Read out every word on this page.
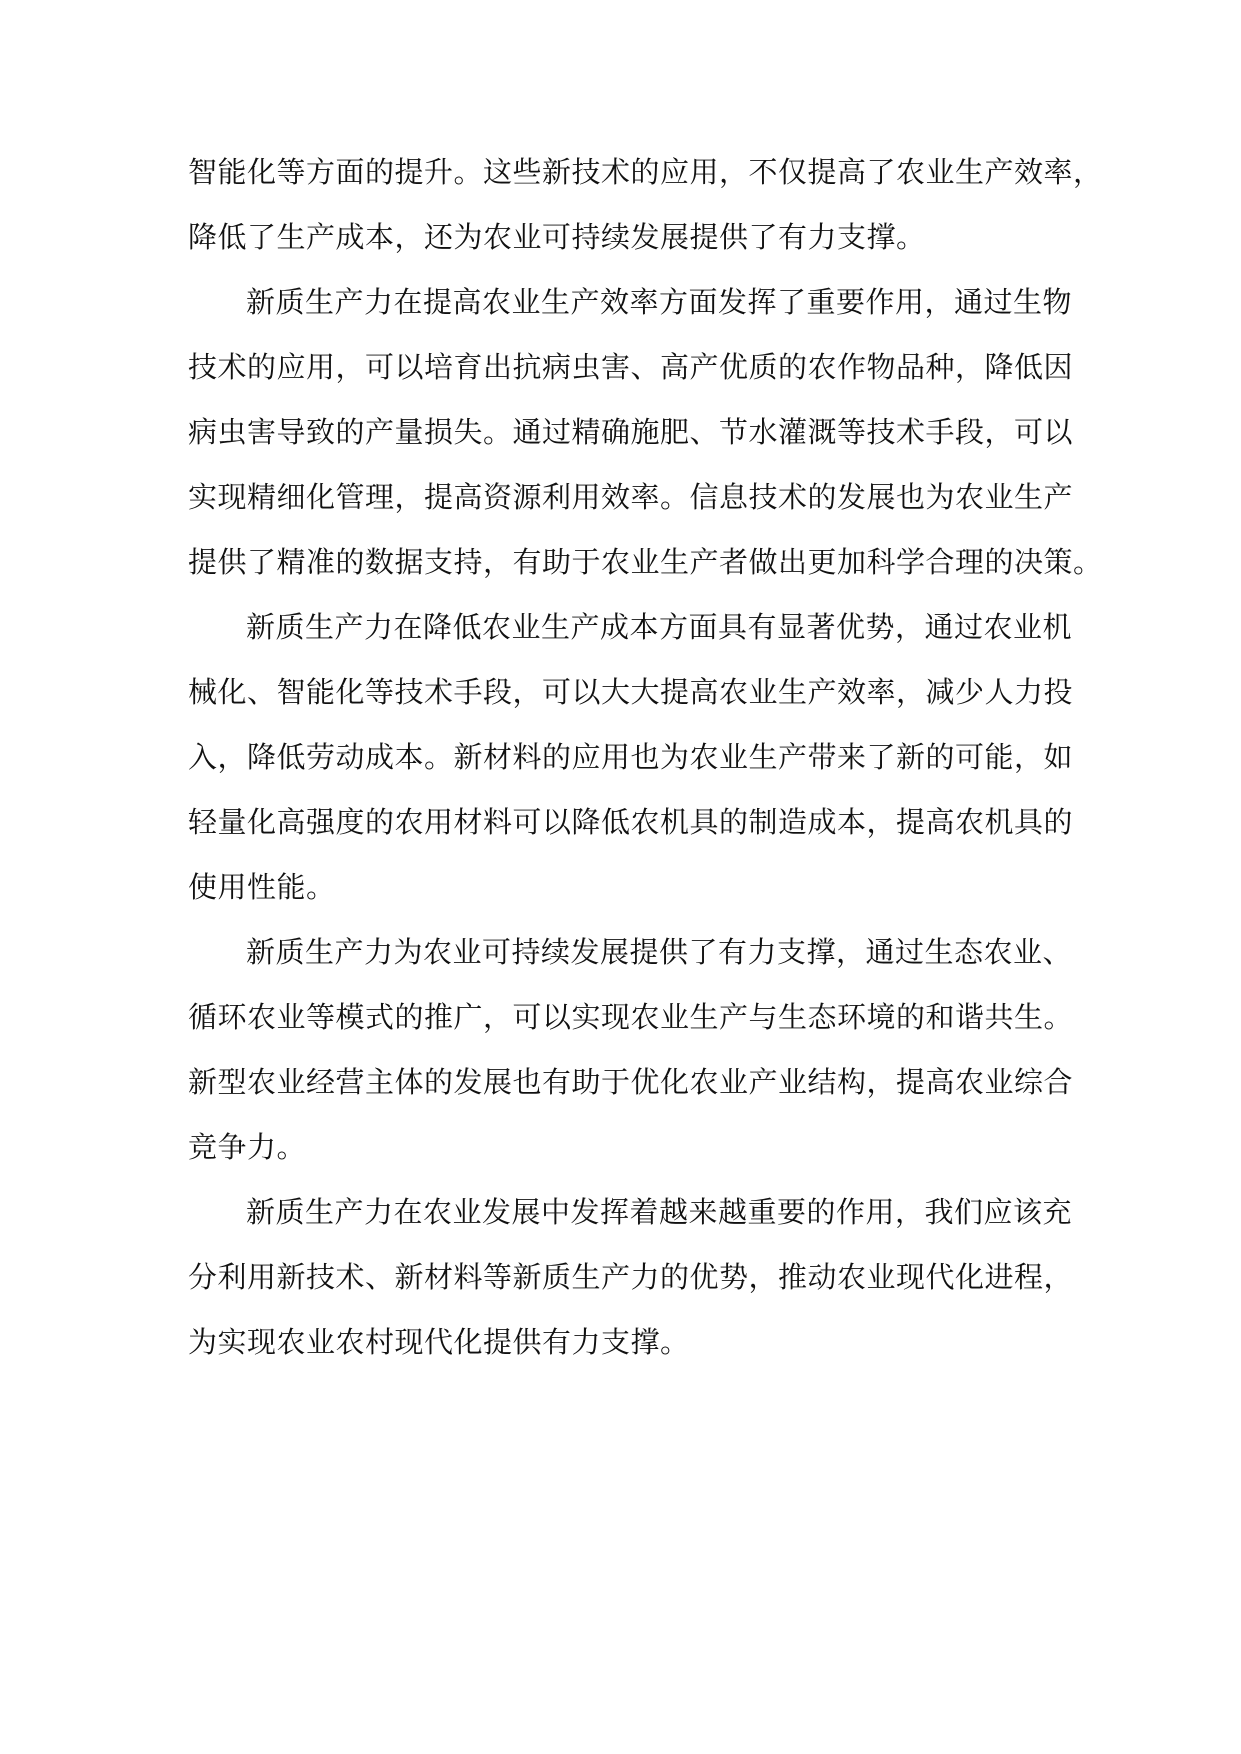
智能化等方面的提升。这些新技术的应用，不仅提高了农业生产效率，
降低了生产成本，还为农业可持续发展提供了有力支撑。

新质生产力在提高农业生产效率方面发挥了重要作用，通过生物
技术的应用，可以培育出抗病虫害、高产优质的农作物品种，降低因
病虫害导致的产量损失。通过精确施肥、节水灌溉等技术手段，可以
实现精细化管理，提高资源利用效率。信息技术的发展也为农业生产
提供了精准的数据支持，有助于农业生产者做出更加科学合理的决策。

新质生产力在降低农业生产成本方面具有显著优势，通过农业机
械化、智能化等技术手段，可以大大提高农业生产效率，减少人力投
入，降低劳动成本。新材料的应用也为农业生产带来了新的可能，如
轻量化高强度的农用材料可以降低农机具的制造成本，提高农机具的
使用性能。

新质生产力为农业可持续发展提供了有力支撑，通过生态农业、
循环农业等模式的推广，可以实现农业生产与生态环境的和谐共生。
新型农业经营主体的发展也有助于优化农业产业结构，提高农业综合
竞争力。

新质生产力在农业发展中发挥着越来越重要的作用，我们应该充
分利用新技术、新材料等新质生产力的优势，推动农业现代化进程，
为实现农业农村现代化提供有力支撑。
